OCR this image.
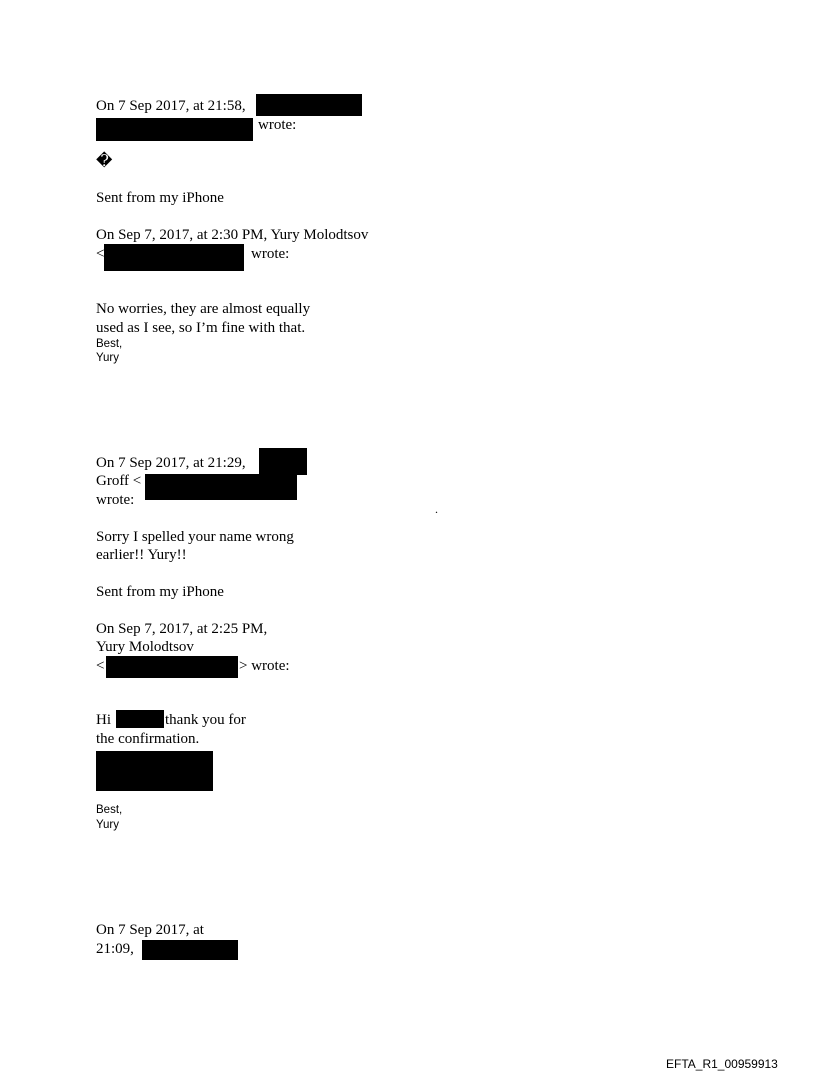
On 7 Sep 2017, at 21:58,
wrote:
�
Sent from my iPhone
On Sep 7, 2017, at 2:30 PM, Yury Molodtsov
<	wrote:
No worries, they are almost equally
used as I see, so I’m fine with that.
Best,
Yury
On 7 Sep 2017, at 21:29,
Groff <
wrote:
.
Sorry I spelled your name wrong
earlier!! Yury!!
Sent from my iPhone
On Sep 7, 2017, at 2:25 PM,
Yury Molodtsov
<	> wrote:
Hi	thank you for
the confirmation.
Best,
Yury
On 7 Sep 2017, at
21:09,
EFTA_R1_00959913
